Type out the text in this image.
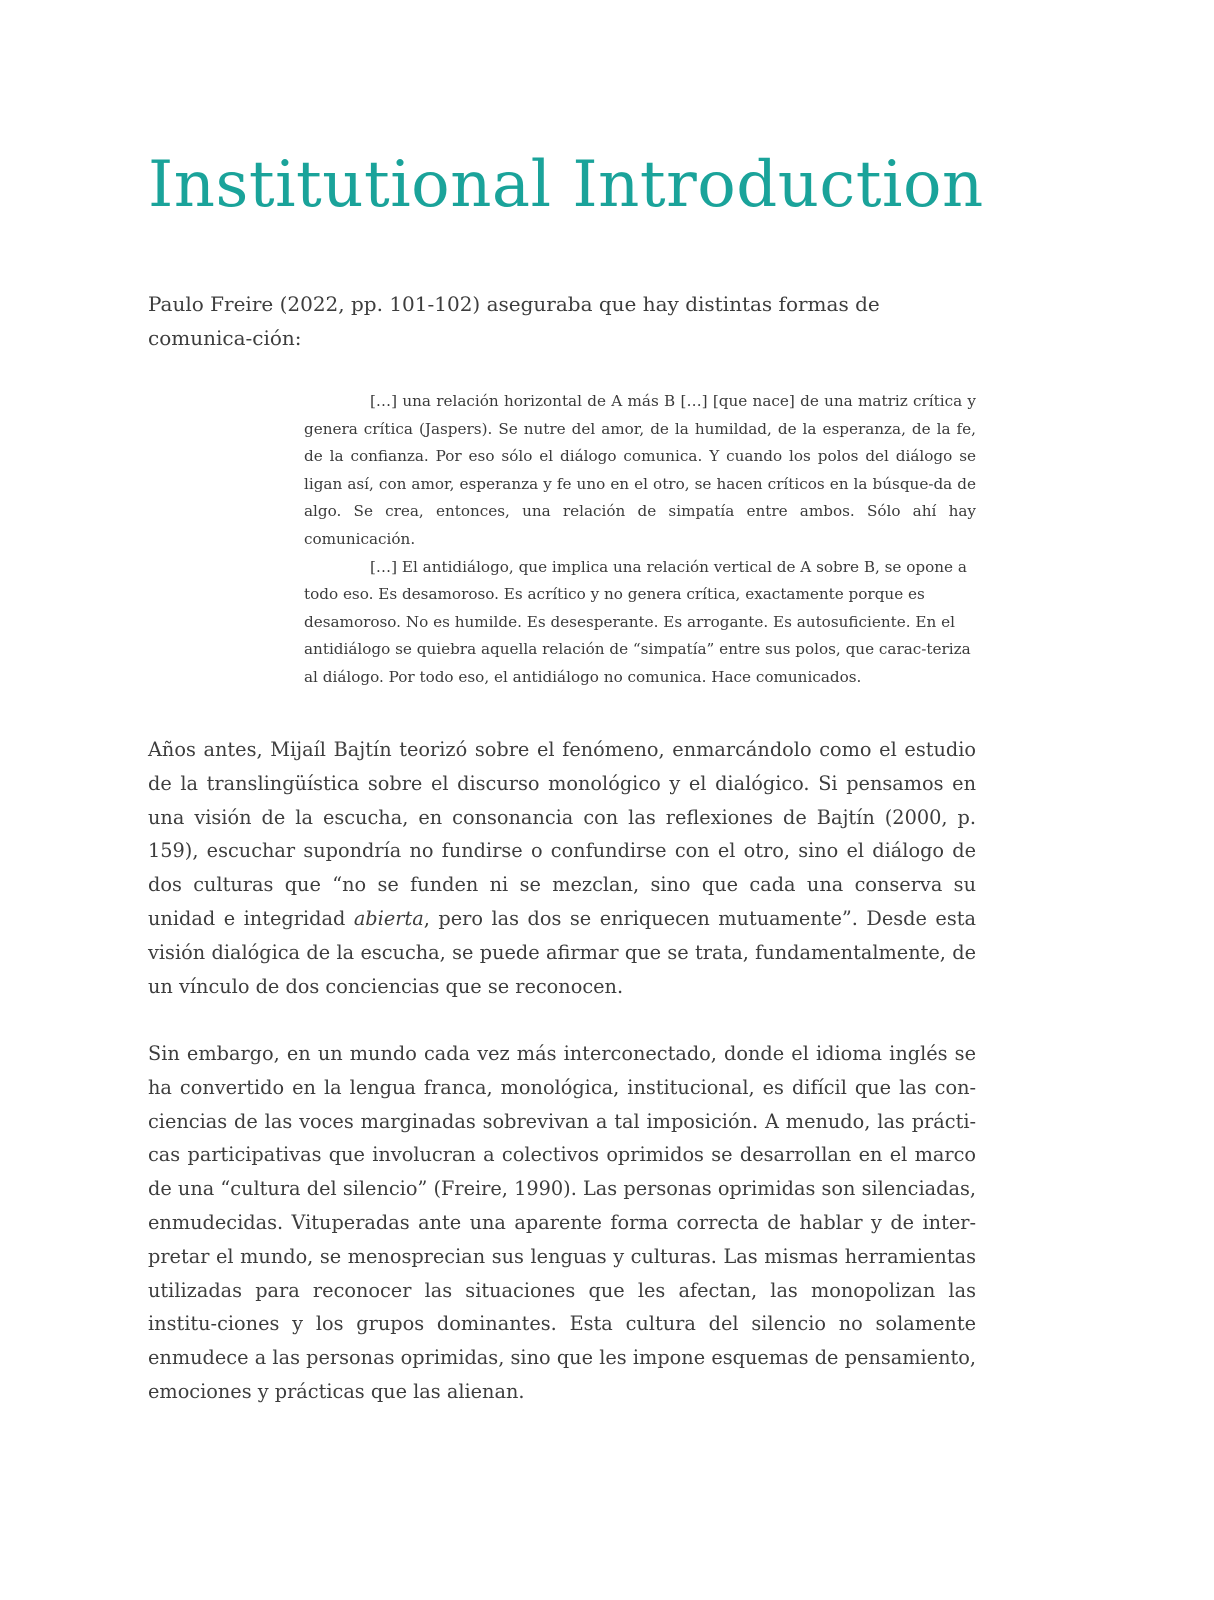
Institutional Introduction

Paulo Freire (2022, pp. 101-102) aseguraba que hay distintas formas de comunica-ción:

[…] una relación horizontal de A más B […] [que nace] de una matriz crítica y genera crítica (Jaspers). Se nutre del amor, de la humildad, de la esperanza, de la fe, de la confianza. Por eso sólo el diálogo comunica. Y cuando los polos del diálogo se ligan así, con amor, esperanza y fe uno en el otro, se hacen críticos en la búsque-da de algo. Se crea, entonces, una relación de simpatía entre ambos. Sólo ahí hay comunicación.

[…] El antidiálogo, que implica una relación vertical de A sobre B, se opone a todo eso. Es desamoroso. Es acrítico y no genera crítica, exactamente porque es desamoroso. No es humilde. Es desesperante. Es arrogante. Es autosuficiente. En el antidiálogo se quiebra aquella relación de “simpatía” entre sus polos, que carac-teriza al diálogo. Por todo eso, el antidiálogo no comunica. Hace comunicados.

Años antes, Mijaíl Bajtín teorizó sobre el fenómeno, enmarcándolo como el estudio de la translingüística sobre el discurso monológico y el dialógico. Si pensamos en una visión de la escucha, en consonancia con las reflexiones de Bajtín (2000, p. 159), escuchar supondría no fundirse o confundirse con el otro, sino el diálogo de dos culturas que “no se funden ni se mezclan, sino que cada una conserva su unidad e integridad abierta, pero las dos se enriquecen mutuamente”. Desde esta visión dialógica de la escucha, se puede afirmar que se trata, fundamentalmente, de un vínculo de dos conciencias que se reconocen.

Sin embargo, en un mundo cada vez más interconectado, donde el idioma inglés se ha convertido en la lengua franca, monológica, institucional, es difícil que las con-ciencias de las voces marginadas sobrevivan a tal imposición. A menudo, las prácti-cas participativas que involucran a colectivos oprimidos se desarrollan en el marco de una “cultura del silencio” (Freire, 1990). Las personas oprimidas son silenciadas, enmudecidas. Vituperadas ante una aparente forma correcta de hablar y de inter-pretar el mundo, se menosprecian sus lenguas y culturas. Las mismas herramientas utilizadas para reconocer las situaciones que les afectan, las monopolizan las institu-ciones y los grupos dominantes. Esta cultura del silencio no solamente enmudece a las personas oprimidas, sino que les impone esquemas de pensamiento, emociones y prácticas que las alienan.
